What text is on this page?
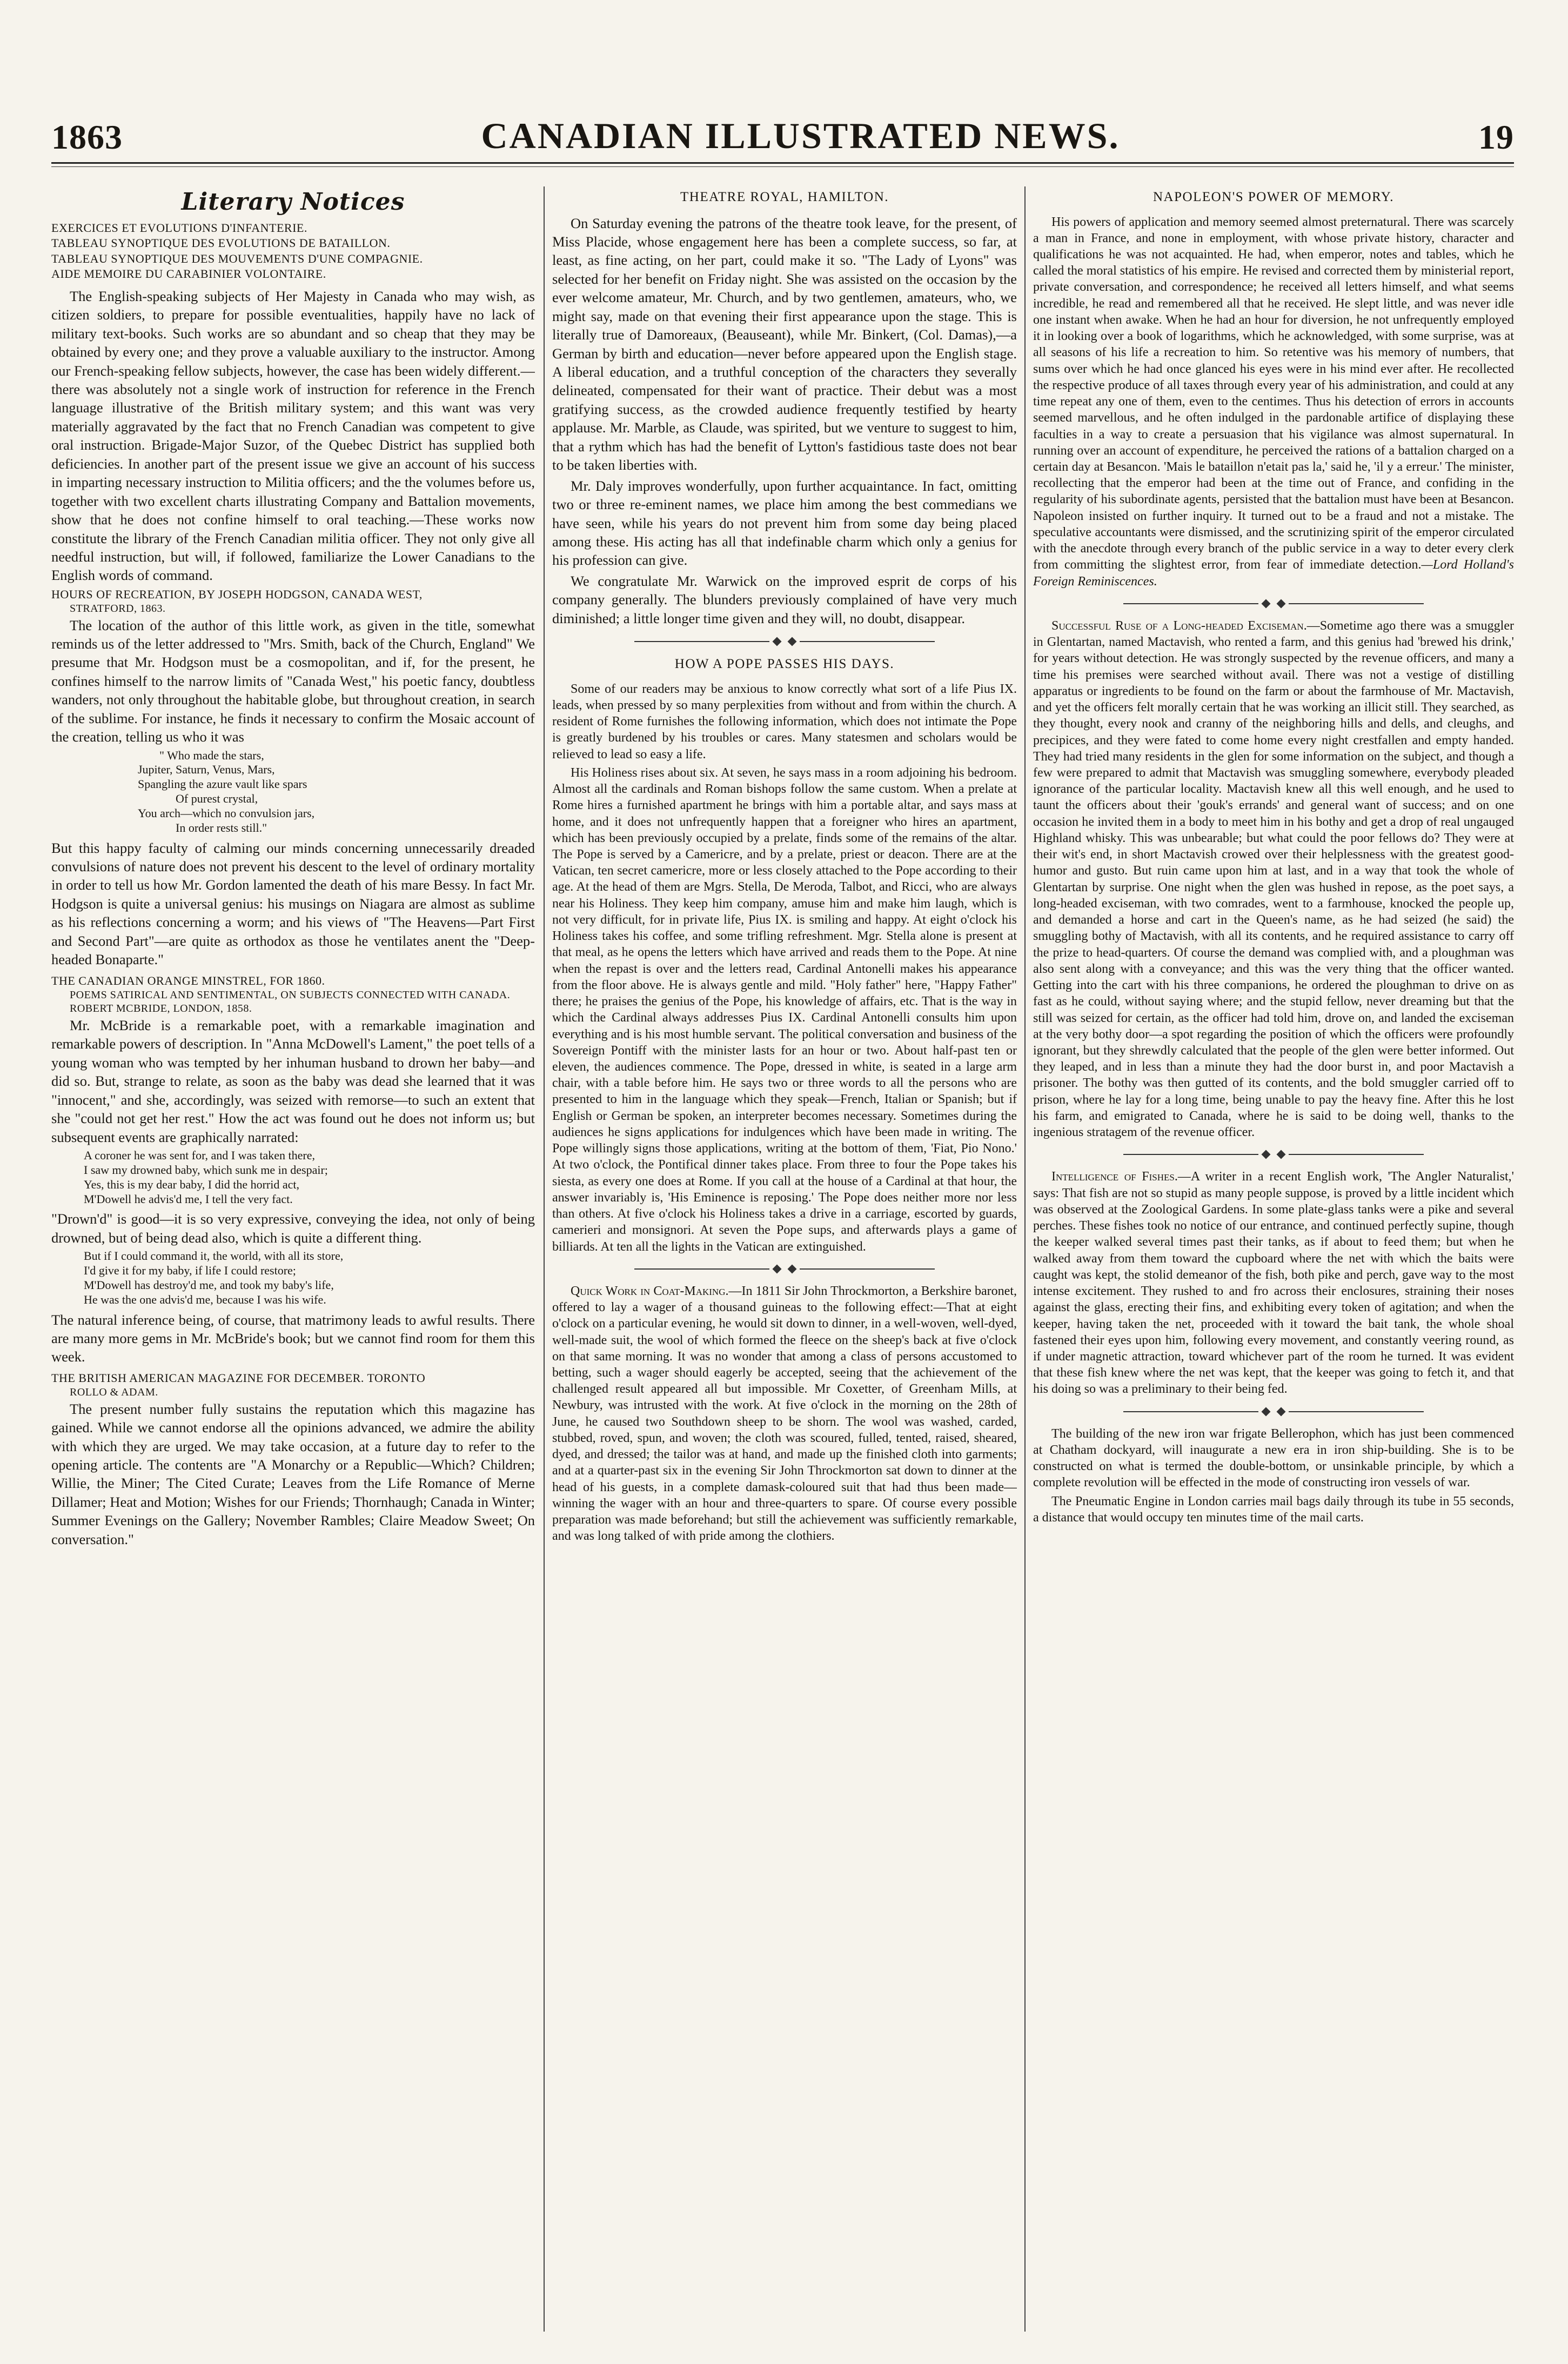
1863	CANADIAN ILLUSTRATED NEWS.	19
Literary Notices
EXERCICES ET EVOLUTIONS D'INFANTERIE.
TABLEAU SYNOPTIQUE DES EVOLUTIONS DE BATAILLON.
TABLEAU SYNOPTIQUE DES MOUVEMENTS D'UNE COMPAGNIE.
AIDE MEMOIRE DU CARABINIER VOLONTAIRE.

The English-speaking subjects of Her Majesty in Canada who may wish, as citizen soldiers, to prepare for possible eventualities, happily have no lack of military text-books. Such works are so abundant and so cheap that they may be obtained by every one; and they prove a valuable auxiliary to the instructor. Among our French-speaking fellow subjects, however, the case has been widely different.—there was absolutely not a single work of instruction for reference in the French language illustrative of the British military system; and this want was very materially aggravated by the fact that no French Canadian was competent to give oral instruction. Brigade-Major Suzor, of the Quebec District has supplied both deficiencies. In another part of the present issue we give an account of his success in imparting necessary instruction to Militia officers; and the the volumes before us, together with two excellent charts illustrating Company and Battalion movements, show that he does not confine himself to oral teaching.—These works now constitute the library of the French Canadian militia officer. They not only give all needful instruction, but will, if followed, familiarize the Lower Canadians to the English words of command.

HOURS OF RECREATION, BY JOSEPH HODGSON, CANADA WEST,
STRATFORD, 1863.

The location of the author of this little work, as given in the title, somewhat reminds us of the letter addressed to "Mrs. Smith, back of the Church, England" We presume that Mr. Hodgson must be a cosmopolitan, and if, for the present, he confines himself to the narrow limits of "Canada West," his poetic fancy, doubtless wanders, not only throughout the habitable globe, but throughout creation, in search of the sublime. For instance, he finds it necessary to confirm the Mosaic account of the creation, telling us who it was

" Who made the stars,
Jupiter, Saturn, Venus, Mars,
Spangling the azure vault like spars
Of purest crystal,
You arch—which no convulsion jars,
In order rests still."

But this happy faculty of calming our minds concerning unnecessarily dreaded convulsions of nature does not prevent his descent to the level of ordinary mortality in order to tell us how Mr. Gordon lamented the death of his mare Bessy. In fact Mr. Hodgson is quite a universal genius: his musings on Niagara are almost as sublime as his reflections concerning a worm; and his views of "The Heavens—Part First and Second Part"—are quite as orthodox as those he ventilates anent the "Deep-headed Bonaparte."

THE CANADIAN ORANGE MINSTREL, FOR 1860.
POEMS SATIRICAL AND SENTIMENTAL, ON SUBJECTS CONNECTED WITH CANADA. ROBERT MCBRIDE, LONDON, 1858.

Mr. McBride is a remarkable poet, with a remarkable imagination and remarkable powers of description. In "Anna McDowell's Lament," the poet tells of a young woman who was tempted by her inhuman husband to drown her baby—and did so. But, strange to relate, as soon as the baby was dead she learned that it was "innocent," and she, accordingly, was seized with remorse—to such an extent that she "could not get her rest." How the act was found out he does not inform us; but subsequent events are graphically narrated:

A coroner he was sent for, and I was taken there,
I saw my drowned baby, which sunk me in despair;
Yes, this is my dear baby, I did the horrid act,
M'Dowell he advis'd me, I tell the very fact.

"Drown'd" is good—it is so very expressive, conveying the idea, not only of being drowned, but of being dead also, which is quite a different thing.

But if I could command it, the world, with all its store,
I'd give it for my baby, if life I could restore;
M'Dowell has destroy'd me, and took my baby's life,
He was the one advis'd me, because I was his wife.

The natural inference being, of course, that matrimony leads to awful results. There are many more gems in Mr. McBride's book; but we cannot find room for them this week.

THE BRITISH AMERICAN MAGAZINE FOR DECEMBER. TORONTO
ROLLO & ADAM.

The present number fully sustains the reputation which this magazine has gained. While we cannot endorse all the opinions advanced, we admire the ability with which they are urged. We may take occasion, at a future day to refer to the opening article. The contents are "A Monarchy or a Republic—Which? Children; Willie, the Miner; The Cited Curate; Leaves from the Life Romance of Merne Dillamer; Heat and Motion; Wishes for our Friends; Thornhaugh; Canada in Winter; Summer Evenings on the Gallery; November Rambles; Claire Meadow Sweet; On conversation."

THEATRE ROYAL, HAMILTON.

On Saturday evening the patrons of the theatre took leave, for the present, of Miss Placide, whose engagement here has been a complete success, so far, at least, as fine acting, on her part, could make it so. "The Lady of Lyons" was selected for her benefit on Friday night. She was assisted on the occasion by the ever welcome amateur, Mr. Church, and by two gentlemen, amateurs, who, we might say, made on that evening their first appearance upon the stage. This is literally true of Damoreaux, (Beauseant), while Mr. Binkert, (Col. Damas),—a German by birth and education—never before appeared upon the English stage. A liberal education, and a truthful conception of the characters they severally delineated, compensated for their want of practice. Their debut was a most gratifying success, as the crowded audience frequently testified by hearty applause. Mr. Marble, as Claude, was spirited, but we venture to suggest to him, that a rythm which has had the benefit of Lytton's fastidious taste does not bear to be taken liberties with.

Mr. Daly improves wonderfully, upon further acquaintance. In fact, omitting two or three re-eminent names, we place him among the best commedians we have seen, while his years do not prevent him from some day being placed among these. His acting has all that indefinable charm which only a genius for his profession can give.

We congratulate Mr. Warwick on the improved esprit de corps of his company generally. The blunders previously complained of have very much diminished; a little longer time given and they will, no doubt, disappear.

HOW A POPE PASSES HIS DAYS.

Some of our readers may be anxious to know correctly what sort of a life Pius IX. leads, when pressed by so many perplexities from without and from within the church. A resident of Rome furnishes the following information, which does not intimate the Pope is greatly burdened by his troubles or cares. Many statesmen and scholars would be relieved to lead so easy a life.

His Holiness rises about six. At seven, he says mass in a room adjoining his bedroom. Almost all the cardinals and Roman bishops follow the same custom. When a prelate at Rome hires a furnished apartment he brings with him a portable altar, and says mass at home, and it does not unfrequently happen that a foreigner who hires an apartment, which has been previously occupied by a prelate, finds some of the remains of the altar. The Pope is served by a Camericre, and by a prelate, priest or deacon. There are at the Vatican, ten secret camericre, more or less closely attached to the Pope according to their age. At the head of them are Mgrs. Stella, De Meroda, Talbot, and Ricci, who are always near his Holiness. They keep him company, amuse him and make him laugh, which is not very difficult, for in private life, Pius IX. is smiling and happy. At eight o'clock his Holiness takes his coffee, and some trifling refreshment. Mgr. Stella alone is present at that meal, as he opens the letters which have arrived and reads them to the Pope. At nine when the repast is over and the letters read, Cardinal Antonelli makes his appearance from the floor above. He is always gentle and mild. "Holy father" here, "Happy Father" there; he praises the genius of the Pope, his knowledge of affairs, etc. That is the way in which the Cardinal always addresses Pius IX. Cardinal Antonelli consults him upon everything and is his most humble servant. The political conversation and business of the Sovereign Pontiff with the minister lasts for an hour or two. About half-past ten or eleven, the audiences commence. The Pope, dressed in white, is seated in a large arm chair, with a table before him. He says two or three words to all the persons who are presented to him in the language which they speak—French, Italian or Spanish; but if English or German be spoken, an interpreter becomes necessary. Sometimes during the audiences he signs applications for indulgences which have been made in writing. The Pope willingly signs those applications, writing at the bottom of them, 'Fiat, Pio Nono.' At two o'clock, the Pontifical dinner takes place. From three to four the Pope takes his siesta, as every one does at Rome. If you call at the house of a Cardinal at that hour, the answer invariably is, 'His Eminence is reposing.' The Pope does neither more nor less than others. At five o'clock his Holiness takes a drive in a carriage, escorted by guards, camerieri and monsignori. At seven the Pope sups, and afterwards plays a game of billiards. At ten all the lights in the Vatican are extinguished.

Quick Work in Coat-Making.—In 1811 Sir John Throckmorton, a Berkshire baronet, offered to lay a wager of a thousand guineas to the following effect:—That at eight o'clock on a particular evening, he would sit down to dinner, in a well-woven, well-dyed, well-made suit, the wool of which formed the fleece on the sheep's back at five o'clock on that same morning. It was no wonder that among a class of persons accustomed to betting, such a wager should eagerly be accepted, seeing that the achievement of the challenged result appeared all but impossible. Mr Coxetter, of Greenham Mills, at Newbury, was intrusted with the work. At five o'clock in the morning on the 28th of June, he caused two Southdown sheep to be shorn. The wool was washed, carded, stubbed, roved, spun, and woven; the cloth was scoured, fulled, tented, raised, sheared, dyed, and dressed; the tailor was at hand, and made up the finished cloth into garments; and at a quarter-past six in the evening Sir John Throckmorton sat down to dinner at the head of his guests, in a complete damask-coloured suit that had thus been made—winning the wager with an hour and three-quarters to spare. Of course every possible preparation was made beforehand; but still the achievement was sufficiently remarkable, and was long talked of with pride among the clothiers.

NAPOLEON'S POWER OF MEMORY.

His powers of application and memory seemed almost preternatural. There was scarcely a man in France, and none in employment, with whose private history, character and qualifications he was not acquainted. He had, when emperor, notes and tables, which he called the moral statistics of his empire. He revised and corrected them by ministerial report, private conversation, and correspondence; he received all letters himself, and what seems incredible, he read and remembered all that he received. He slept little, and was never idle one instant when awake. When he had an hour for diversion, he not unfrequently employed it in looking over a book of logarithms, which he acknowledged, with some surprise, was at all seasons of his life a recreation to him. So retentive was his memory of numbers, that sums over which he had once glanced his eyes were in his mind ever after. He recollected the respective produce of all taxes through every year of his administration, and could at any time repeat any one of them, even to the centimes. Thus his detection of errors in accounts seemed marvellous, and he often indulged in the pardonable artifice of displaying these faculties in a way to create a persuasion that his vigilance was almost supernatural. In running over an account of expenditure, he perceived the rations of a battalion charged on a certain day at Besancon. 'Mais le bataillon n'etait pas la,' said he, 'il y a erreur.' The minister, recollecting that the emperor had been at the time out of France, and confiding in the regularity of his subordinate agents, persisted that the battalion must have been at Besancon. Napoleon insisted on further inquiry. It turned out to be a fraud and not a mistake. The speculative accountants were dismissed, and the scrutinizing spirit of the emperor circulated with the anecdote through every branch of the public service in a way to deter every clerk from committing the slightest error, from fear of immediate detection.—Lord Holland's Foreign Reminiscences.

Successful Ruse of a Long-headed Exciseman.—Sometime ago there was a smuggler in Glentartan, named Mactavish, who rented a farm, and this genius had 'brewed his drink,' for years without detection. He was strongly suspected by the revenue officers, and many a time his premises were searched without avail. There was not a vestige of distilling apparatus or ingredients to be found on the farm or about the farmhouse of Mr. Mactavish, and yet the officers felt morally certain that he was working an illicit still. They searched, as they thought, every nook and cranny of the neighboring hills and dells, and cleughs, and precipices, and they were fated to come home every night crestfallen and empty handed. They had tried many residents in the glen for some information on the subject, and though a few were prepared to admit that Mactavish was smuggling somewhere, everybody pleaded ignorance of the particular locality. Mactavish knew all this well enough, and he used to taunt the officers about their 'gouk's errands' and general want of success; and on one occasion he invited them in a body to meet him in his bothy and get a drop of real ungauged Highland whisky. This was unbearable; but what could the poor fellows do? They were at their wit's end, in short Mactavish crowed over their helplessness with the greatest good-humor and gusto. But ruin came upon him at last, and in a way that took the whole of Glentartan by surprise. One night when the glen was hushed in repose, as the poet says, a long-headed exciseman, with two comrades, went to a farmhouse, knocked the people up, and demanded a horse and cart in the Queen's name, as he had seized (he said) the smuggling bothy of Mactavish, with all its contents, and he required assistance to carry off the prize to head-quarters. Of course the demand was complied with, and a ploughman was also sent along with a conveyance; and this was the very thing that the officer wanted. Getting into the cart with his three companions, he ordered the ploughman to drive on as fast as he could, without saying where; and the stupid fellow, never dreaming but that the still was seized for certain, as the officer had told him, drove on, and landed the exciseman at the very bothy door—a spot regarding the position of which the officers were profoundly ignorant, but they shrewdly calculated that the people of the glen were better informed. Out they leaped, and in less than a minute they had the door burst in, and poor Mactavish a prisoner. The bothy was then gutted of its contents, and the bold smuggler carried off to prison, where he lay for a long time, being unable to pay the heavy fine. After this he lost his farm, and emigrated to Canada, where he is said to be doing well, thanks to the ingenious stratagem of the revenue officer.

Intelligence of Fishes.—A writer in a recent English work, 'The Angler Naturalist,' says: That fish are not so stupid as many people suppose, is proved by a little incident which was observed at the Zoological Gardens. In some plate-glass tanks were a pike and several perches. These fishes took no notice of our entrance, and continued perfectly supine, though the keeper walked several times past their tanks, as if about to feed them; but when he walked away from them toward the cupboard where the net with which the baits were caught was kept, the stolid demeanor of the fish, both pike and perch, gave way to the most intense excitement. They rushed to and fro across their enclosures, straining their noses against the glass, erecting their fins, and exhibiting every token of agitation; and when the keeper, having taken the net, proceeded with it toward the bait tank, the whole shoal fastened their eyes upon him, following every movement, and constantly veering round, as if under magnetic attraction, toward whichever part of the room he turned. It was evident that these fish knew where the net was kept, that the keeper was going to fetch it, and that his doing so was a preliminary to their being fed.

The building of the new iron war frigate Bellerophon, which has just been commenced at Chatham dockyard, will inaugurate a new era in iron ship-building. She is to be constructed on what is termed the double-bottom, or unsinkable principle, by which a complete revolution will be effected in the mode of constructing iron vessels of war.

The Pneumatic Engine in London carries mail bags daily through its tube in 55 seconds, a distance that would occupy ten minutes time of the mail carts.
